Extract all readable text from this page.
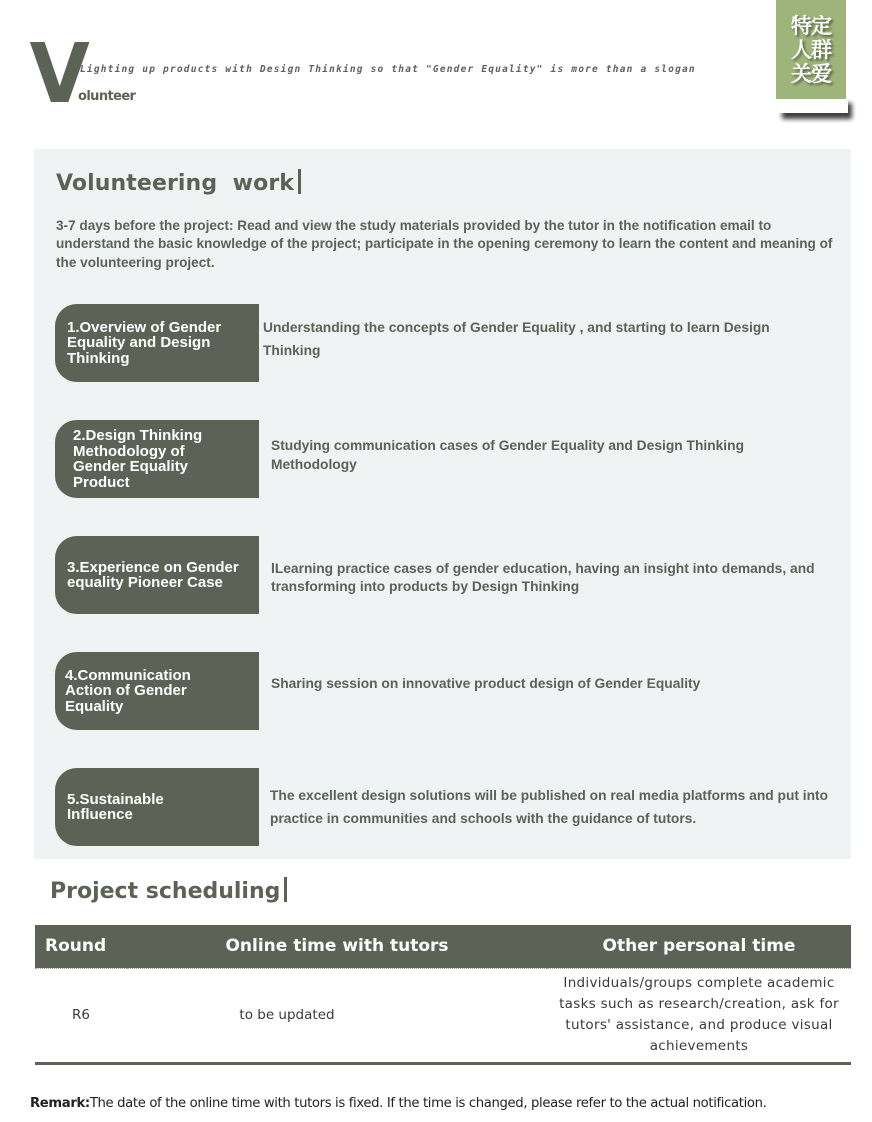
V
Lighting up products with Design Thinking so that "Gender Equality" is more than a slogan
olunteer
特定
人群
关爱
Volunteering  work

3-7 days before the project: Read and view the study materials provided by the tutor in the notification email to understand the basic knowledge of the project; participate in the opening ceremony to learn the content and meaning of the volunteering project.

1.Overview of Gender Equality and Design Thinking
Understanding the concepts of Gender Equality , and starting to learn Design Thinking
2.Design Thinking Methodology of Gender Equality Product
Studying communication cases of Gender Equality and Design Thinking Methodology
3.Experience on Gender equality Pioneer Case
lLearning practice cases of gender education, having an insight into demands, and transforming into products by Design Thinking
4.Communication Action of Gender Equality
Sharing session on innovative product design of Gender Equality
5.Sustainable Influence
The excellent design solutions will be published on real media platforms and put into practice in communities and schools with the guidance of tutors.
Project scheduling
Round	Online time with tutors	Other personal time
R6	to be updated	Individuals/groups complete academic tasks such as research/creation, ask for tutors' assistance, and produce visual achievements
Remark:The date of the online time with tutors is fixed. If the time is changed, please refer to the actual notification.
